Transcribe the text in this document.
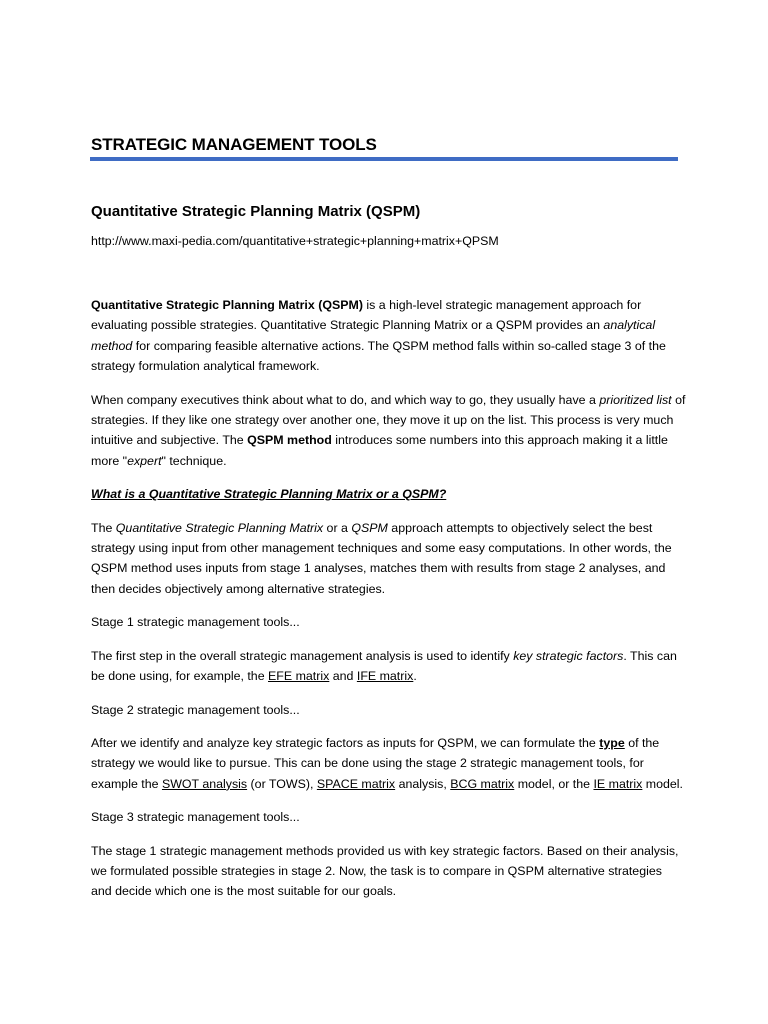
STRATEGIC MANAGEMENT TOOLS
Quantitative Strategic Planning Matrix (QSPM)
http://www.maxi-pedia.com/quantitative+strategic+planning+matrix+QPSM

Quantitative Strategic Planning Matrix (QSPM) is a high-level strategic management approach for evaluating possible strategies. Quantitative Strategic Planning Matrix or a QSPM provides an analytical method for comparing feasible alternative actions. The QSPM method falls within so-called stage 3 of the strategy formulation analytical framework.

When company executives think about what to do, and which way to go, they usually have a prioritized list of strategies. If they like one strategy over another one, they move it up on the list. This process is very much intuitive and subjective. The QSPM method introduces some numbers into this approach making it a little more "expert" technique.

What is a Quantitative Strategic Planning Matrix or a QSPM?

The Quantitative Strategic Planning Matrix or a QSPM approach attempts to objectively select the best strategy using input from other management techniques and some easy computations. In other words, the QSPM method uses inputs from stage 1 analyses, matches them with results from stage 2 analyses, and then decides objectively among alternative strategies.

Stage 1 strategic management tools...

The first step in the overall strategic management analysis is used to identify key strategic factors. This can be done using, for example, the EFE matrix and IFE matrix.

Stage 2 strategic management tools...

After we identify and analyze key strategic factors as inputs for QSPM, we can formulate the type of the strategy we would like to pursue. This can be done using the stage 2 strategic management tools, for example the SWOT analysis (or TOWS), SPACE matrix analysis, BCG matrix model, or the IE matrix model.

Stage 3 strategic management tools...

The stage 1 strategic management methods provided us with key strategic factors. Based on their analysis, we formulated possible strategies in stage 2. Now, the task is to compare in QSPM alternative strategies and decide which one is the most suitable for our goals.
